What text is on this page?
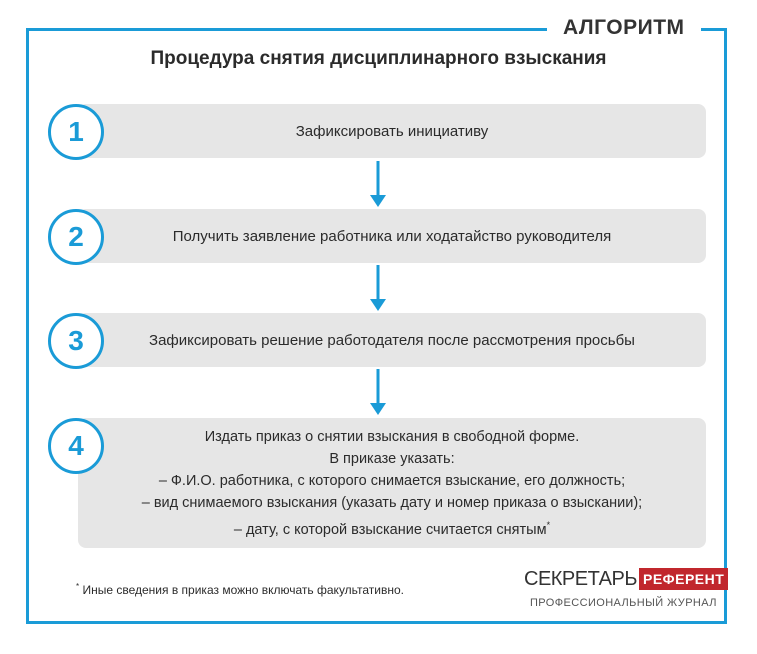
АЛГОРИТМ
Процедура снятия дисциплинарного взыскания
Зафиксировать инициативу
1
Получить заявление работника или ходатайство руководителя
2
Зафиксировать решение работодателя после рассмотрения просьбы
3
Издать приказ о снятии взыскания в свободной форме.
В приказе указать:
– Ф.И.О. работника, с которого снимается взыскание, его должность;
– вид снимаемого взыскания (указать дату и номер приказа о взыскании);
– дату, с которой взыскание считается снятым*
4
* Иные сведения в приказ можно включать факультативно.	СЕКРЕТАРЬ РЕФЕРЕНТ
ПРОФЕССИОНАЛЬНЫЙ ЖУРНАЛ
